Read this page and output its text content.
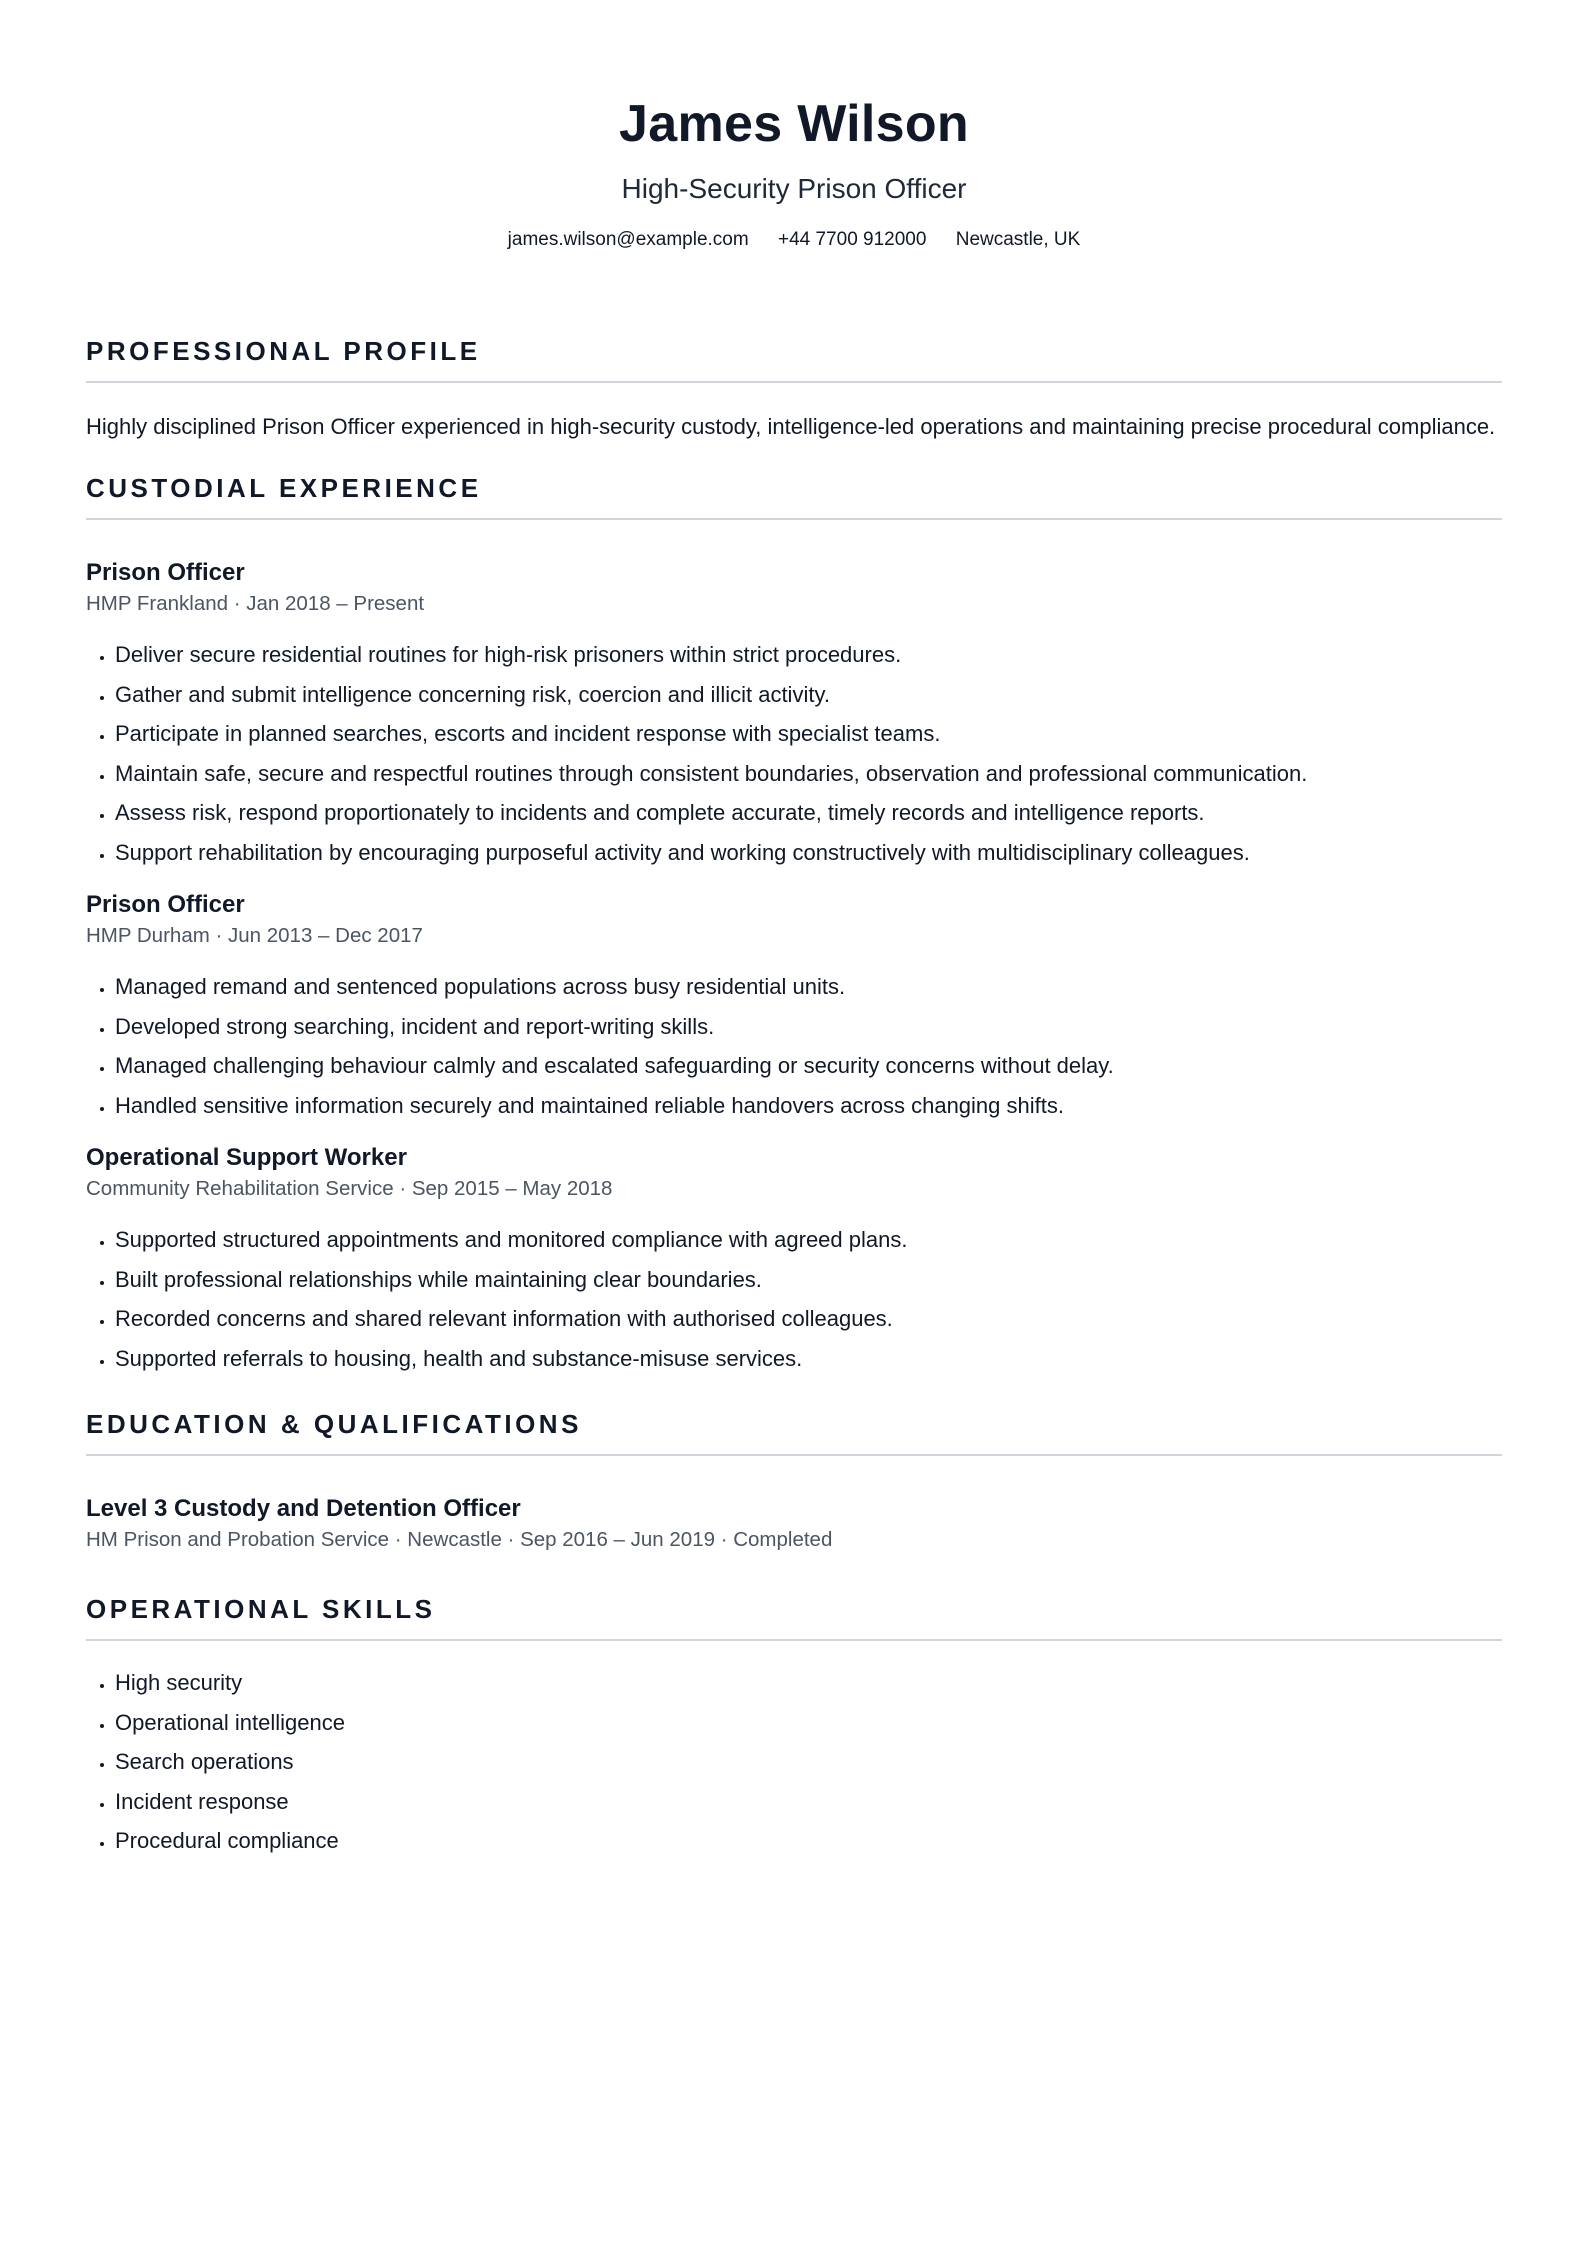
James Wilson
High-Security Prison Officer
james.wilson@example.com +44 7700 912000 Newcastle, UK
PROFESSIONAL PROFILE
Highly disciplined Prison Officer experienced in high-security custody, intelligence-led operations and maintaining precise procedural compliance.
CUSTODIAL EXPERIENCE
Prison Officer
HMP Frankland · Jan 2018 – Present
• Deliver secure residential routines for high-risk prisoners within strict procedures.
• Gather and submit intelligence concerning risk, coercion and illicit activity.
• Participate in planned searches, escorts and incident response with specialist teams.
• Maintain safe, secure and respectful routines through consistent boundaries, observation and professional communication.
• Assess risk, respond proportionately to incidents and complete accurate, timely records and intelligence reports.
• Support rehabilitation by encouraging purposeful activity and working constructively with multidisciplinary colleagues.
Prison Officer
HMP Durham · Jun 2013 – Dec 2017
• Managed remand and sentenced populations across busy residential units.
• Developed strong searching, incident and report-writing skills.
• Managed challenging behaviour calmly and escalated safeguarding or security concerns without delay.
• Handled sensitive information securely and maintained reliable handovers across changing shifts.
Operational Support Worker
Community Rehabilitation Service · Sep 2015 – May 2018
• Supported structured appointments and monitored compliance with agreed plans.
• Built professional relationships while maintaining clear boundaries.
• Recorded concerns and shared relevant information with authorised colleagues.
• Supported referrals to housing, health and substance-misuse services.
EDUCATION & QUALIFICATIONS
Level 3 Custody and Detention Officer
HM Prison and Probation Service · Newcastle · Sep 2016 – Jun 2019 · Completed
OPERATIONAL SKILLS
• High security
• Operational intelligence
• Search operations
• Incident response
• Procedural compliance
